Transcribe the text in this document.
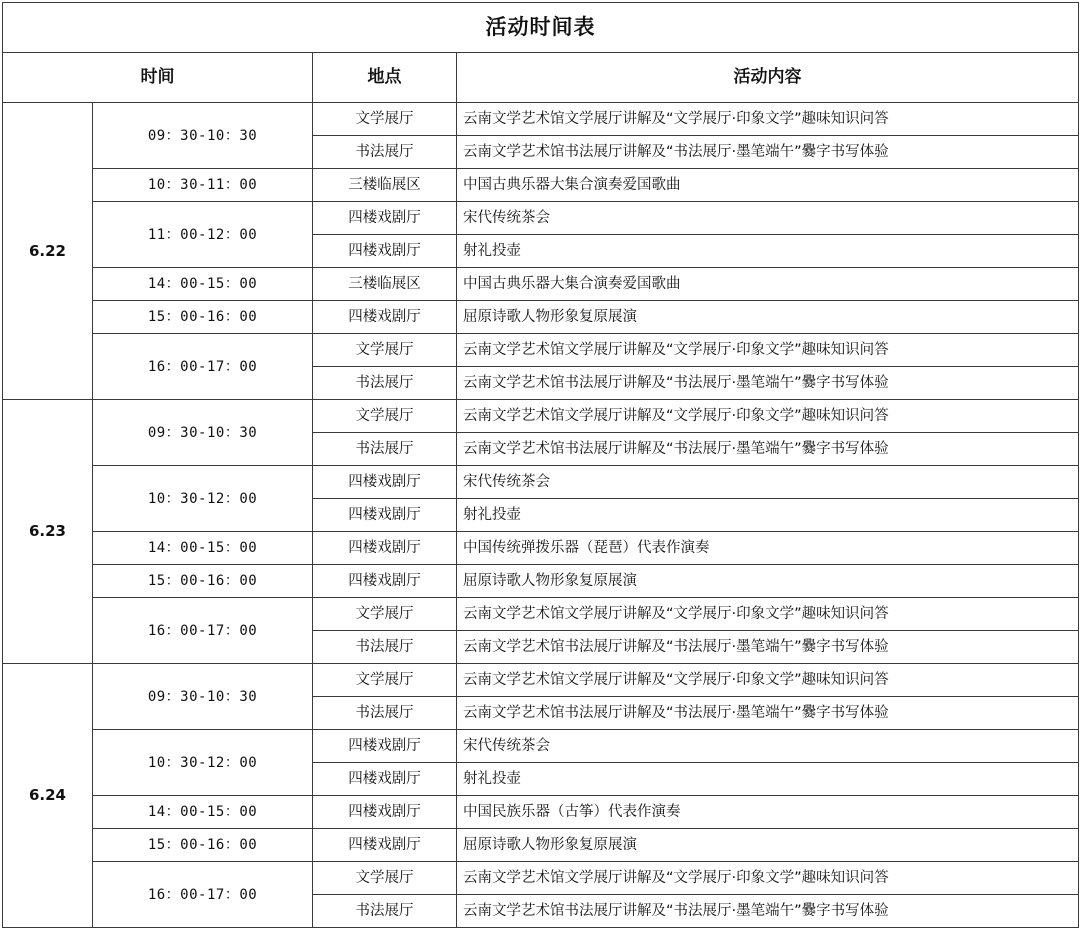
活动时间表			
时间		地点	活动内容
6.22	09：30-10：30	文学展厅	云南文学艺术馆文学展厅讲解及“文学展厅·印象文学”趣味知识问答
		书法展厅	云南文学艺术馆书法展厅讲解及“书法展厅·墨笔端午”爨字书写体验
	10：30-11：00	三楼临展区	中国古典乐器大集合演奏爱国歌曲
	11：00-12：00	四楼戏剧厅	宋代传统茶会
		四楼戏剧厅	射礼投壶
	14：00-15：00	三楼临展区	中国古典乐器大集合演奏爱国歌曲
	15：00-16：00	四楼戏剧厅	屈原诗歌人物形象复原展演
	16：00-17：00	文学展厅	云南文学艺术馆文学展厅讲解及“文学展厅·印象文学”趣味知识问答
		书法展厅	云南文学艺术馆书法展厅讲解及“书法展厅·墨笔端午”爨字书写体验
6.23	09：30-10：30	文学展厅	云南文学艺术馆文学展厅讲解及“文学展厅·印象文学”趣味知识问答
		书法展厅	云南文学艺术馆书法展厅讲解及“书法展厅·墨笔端午”爨字书写体验
	10：30-12：00	四楼戏剧厅	宋代传统茶会
		四楼戏剧厅	射礼投壶
	14：00-15：00	四楼戏剧厅	中国传统弹拨乐器（琵琶）代表作演奏
	15：00-16：00	四楼戏剧厅	屈原诗歌人物形象复原展演
	16：00-17：00	文学展厅	云南文学艺术馆文学展厅讲解及“文学展厅·印象文学”趣味知识问答
		书法展厅	云南文学艺术馆书法展厅讲解及“书法展厅·墨笔端午”爨字书写体验
6.24	09：30-10：30	文学展厅	云南文学艺术馆文学展厅讲解及“文学展厅·印象文学”趣味知识问答
		书法展厅	云南文学艺术馆书法展厅讲解及“书法展厅·墨笔端午”爨字书写体验
	10：30-12：00	四楼戏剧厅	宋代传统茶会
		四楼戏剧厅	射礼投壶
	14：00-15：00	四楼戏剧厅	中国民族乐器（古筝）代表作演奏
	15：00-16：00	四楼戏剧厅	屈原诗歌人物形象复原展演
	16：00-17：00	文学展厅	云南文学艺术馆文学展厅讲解及“文学展厅·印象文学”趣味知识问答
		书法展厅	云南文学艺术馆书法展厅讲解及“书法展厅·墨笔端午”爨字书写体验
